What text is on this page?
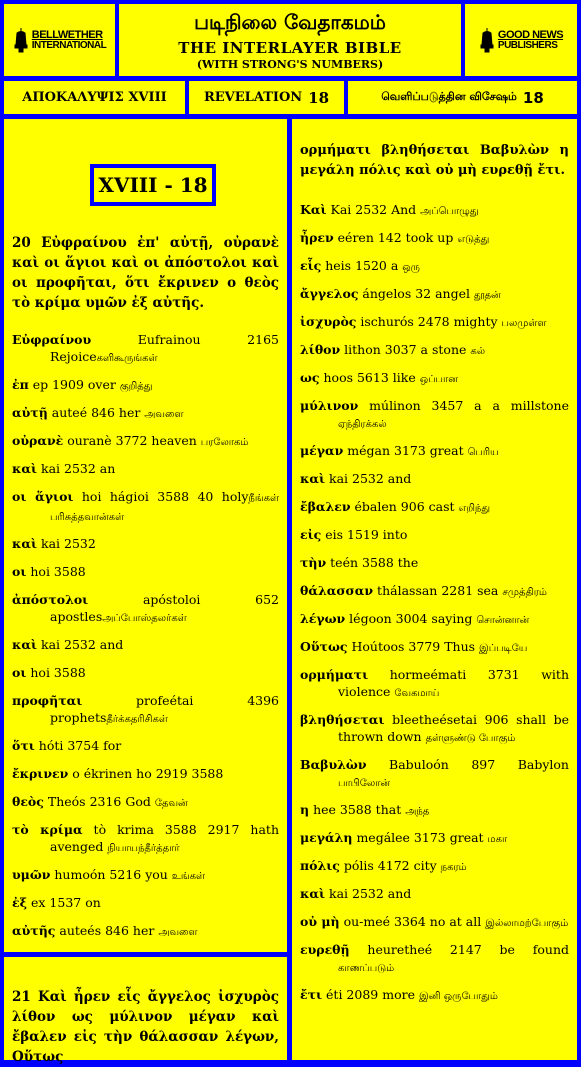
BELLWETHER
INTERNATIONAL
படிநிலை வேதாகமம்
THE INTERLAYER BIBLE
(WITH STRONG'S NUMBERS)
GOOD NEWS
PUBLISHERS
ΑΠΟΚΑΛΥΨΙΣ XVIII	REVELATION 18	வெளிப்படுத்தின விசேஷம் 18
XVIII - 18
20 Εὐφραίνου ἐπ' αὐτῇ, οὐρανὲ καὶ οι ἅγιοι καὶ οι ἀπόστολοι καὶ οι προφῆται, ὅτι ἔκρινεν ο θεὸς τὸ κρίμα υμῶν ἐξ αὐτῆς.
Εὐφραίνου Eufrainou 2165 Rejoiceகளிகூருங்கள்
ἐπ ep 1909 over குறித்து
αὐτῇ auteé 846 her அவளை
οὐρανὲ ouranè 3772 heaven பரலோகம்
καὶ kai 2532 an
οι ἅγιοι hoi hágioi 3588 40 holyநீங்கள் பரிசுத்தவான்கள்
καὶ kai 2532
οι hoi 3588
ἀπόστολοι apóstoloi 652 apostlesஅப்போஸ்தலர்கள்
καὶ kai 2532 and
οι hoi 3588
προφῆται profeétai 4396 prophetsதீர்க்கதரிசிகள்
ὅτι hóti 3754 for
ἔκρινεν ο ékrinen ho 2919 3588
θεὸς Theós 2316 God தேவன்
τὸ κρίμα tò krima 3588 2917 hath avenged நியாயந்தீர்த்தார்
υμῶν humoón 5216 you உங்கள்
ἐξ ex 1537 on
αὐτῆς auteés 846 her அவளை
21 Καὶ ἦρεν εἷς ἄγγελος ἰσχυρὸς λίθον ως μύλινον μέγαν καὶ ἔβαλεν εἰς τὴν θάλασσαν λέγων, Οὕτως
ορμήματι βληθήσεται Βαβυλὼν η μεγάλη πόλις καὶ οὐ μὴ ευρεθῇ ἔτι.
Καὶ Kai 2532 And அப்பொழுது
ἦρεν eéren 142 took up எடுத்து
εἷς heis 1520 a ஒரு
ἄγγελος ángelos 32 angel தூதன்
ἰσχυρὸς ischurós 2478 mighty பலமுள்ள
λίθον lithon 3037 a stone கல்
ως hoos 5613 like ஒப்பான
μύλινον múlinon 3457 a a millstone ஏந்திரக்கல்
μέγαν mégan 3173 great பெரிய
καὶ kai 2532 and
ἔβαλεν ébalen 906 cast எறிந்து
εἰς eis 1519 into
τὴν teén 3588 the
θάλασσαν thálassan 2281 sea சமுத்திரம்
λέγων légoon 3004 saying சொன்னான்
Οὕτως Hoútoos 3779 Thus இப்படியே
ορμήματι hormeémati 3731 with violence வேகமாய்
βληθήσεται bleetheésetai 906 shall be thrown down தள்ளுண்டு போகும்
Βαβυλὼν Babuloón 897 Babylon பாபிலோன்
η hee 3588 that அந்த
μεγάλη megálee 3173 great மகா
πόλις pólis 4172 city நகரம்
καὶ kai 2532 and
οὐ μὴ ou-meé 3364 no at all இல்லாமற்போகும்
ευρεθῇ heuretheé 2147 be found காணப்படும்
ἔτι éti 2089 more இனி ஒருபோதும்
